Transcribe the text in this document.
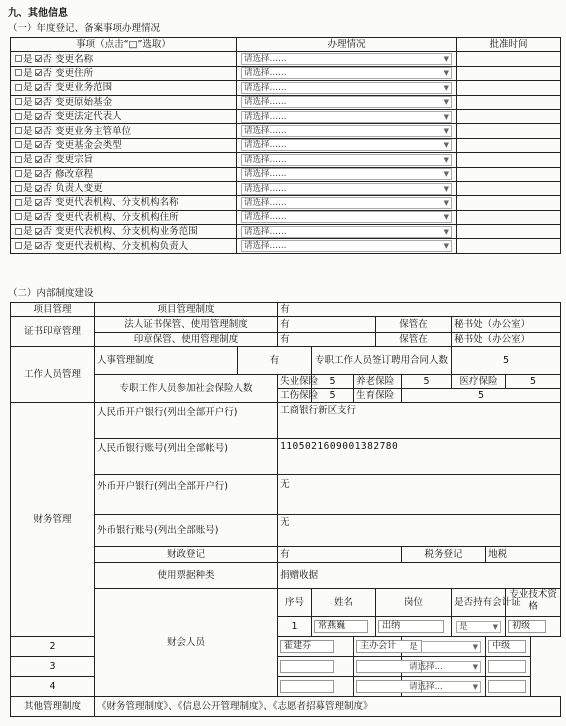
九、其他信息
（一）年度登记、备案事项办理情况
事项（点击“□”选取）	办理情况	批准时间
是 否 变更名称	请选择…… ▼	

是 否 变更住所	请选择…… ▼	

是 否 变更业务范围	请选择…… ▼	

是 否 变更原始基金	请选择…… ▼	

是 否 变更法定代表人	请选择…… ▼	

是 否 变更业务主管单位	请选择…… ▼	

是 否 变更基金会类型	请选择…… ▼	

是 否 变更宗旨	请选择…… ▼	

是 否 修改章程	请选择…… ▼	

是 否 负责人变更	请选择…… ▼	

是 否 变更代表机构、分支机构名称	请选择…… ▼	

是 否 变更代表机构、分支机构住所	请选择…… ▼	

是 否 变更代表机构、分支机构业务范围	请选择…… ▼	

是 否 变更代表机构、分支机构负责人	请选择…… ▼	

（二）内部制度建设
项目管理	项目管理制度		有							
证书印章管理	法人证书保管、使用管理制度		有			保管在		秘书处（办公室）		
	印章保管、使用管理制度		有			保管在		秘书处（办公室）		
工作人员管理	人事管理制度	有		专职工作人员签订聘用合同人数				5		
	专职工作人员参加社会保险人数		失业保险	5	养老保险		5	医疗保险		5
			工伤保险	5	生育保险		5			
财务管理	人民币开户银行(列出全部开户行)		工商银行新区支行							
	人民币银行账号(列出全部帐号)		1105021609001382780							
	外币开户银行(列出全部开户行)		无							
	外币银行账号(列出全部账号)		无							
	财政登记		有				税务登记		地税	
	使用票据种类		捐赠收据							
	财会人员		序号	姓名		岗位		是否持有会计证		专业技术资格
			1	常燕巍		出纳		是 ▼		初级
2			霍建芬		主办会计		是 ▼		中级	
3							请选择... ▼			

4							请选择... ▼			

其他管理制度	《财务管理制度》、《信息公开管理制度》、《志愿者招募管理制度》									
